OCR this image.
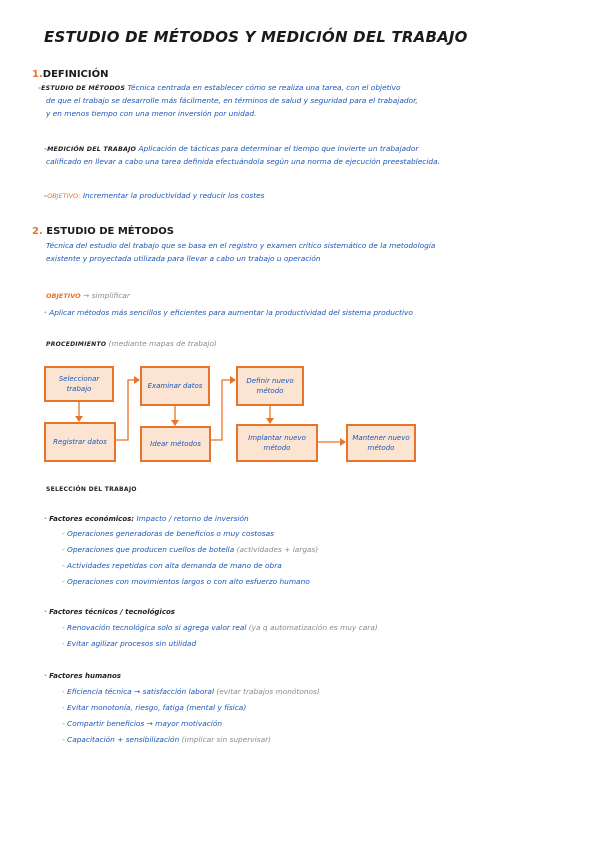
ESTUDIO DE MÉTODOS Y MEDICIÓN DEL TRABAJO
1.DEFINICIÓN
-ESTUDIO DE MÉTODOS Técnica centrada en establecer cómo se realiza una tarea, con el objetivo
de que el trabajo se desarrolle más fácilmente, en términos de salud y seguridad para el trabajador,
y en menos tiempo con una menor inversión por unidad.
-MEDICIÓN DEL TRABAJO Aplicación de tácticas para determinar el tiempo que invierte un trabajador
calificado en llevar a cabo una tarea definida efectuándola según una norma de ejecución preestablecida.
-OBJETIVO: Incrementar la productividad y reducir los costes
2. ESTUDIO DE MÉTODOS
Técnica del estudio del trabajo que se basa en el registro y examen crítico sistemático de la metodología
existente y proyectada utilizada para llevar a cabo un trabajo u operación
OBJETIVO → simplificar
· Aplicar métodos más sencillos y eficientes para aumentar la productividad del sistema productivo
PROCEDIMIENTO (mediante mapas de trabajo)
Seleccionar trabajo
Registrar datos
Examinar datos
Idear métodos
Definir nuevo método
Implantar nuevo método
Mantener nuevo método
SELECCIÓN DEL TRABAJO
· Factores económicos: Impacto / retorno de inversión
- Operaciones generadoras de beneficios o muy costosas
- Operaciones que producen cuellos de botella (actividades + largas)
- Actividades repetidas con alta demanda de mano de obra
- Operaciones con movimientos largos o con alto esfuerzo humano
· Factores técnicos / tecnológicos
- Renovación tecnológica solo si agrega valor real (ya q automatización es muy cara)
- Evitar agilizar procesos sin utilidad
· Factores humanos
- Eficiencia técnica → satisfacción laboral (evitar trabajos monótonos)
- Evitar monotonía, riesgo, fatiga (mental y física)
- Compartir beneficios → mayor motivación
- Capacitación + sensibilización (implicar sin supervisar)
